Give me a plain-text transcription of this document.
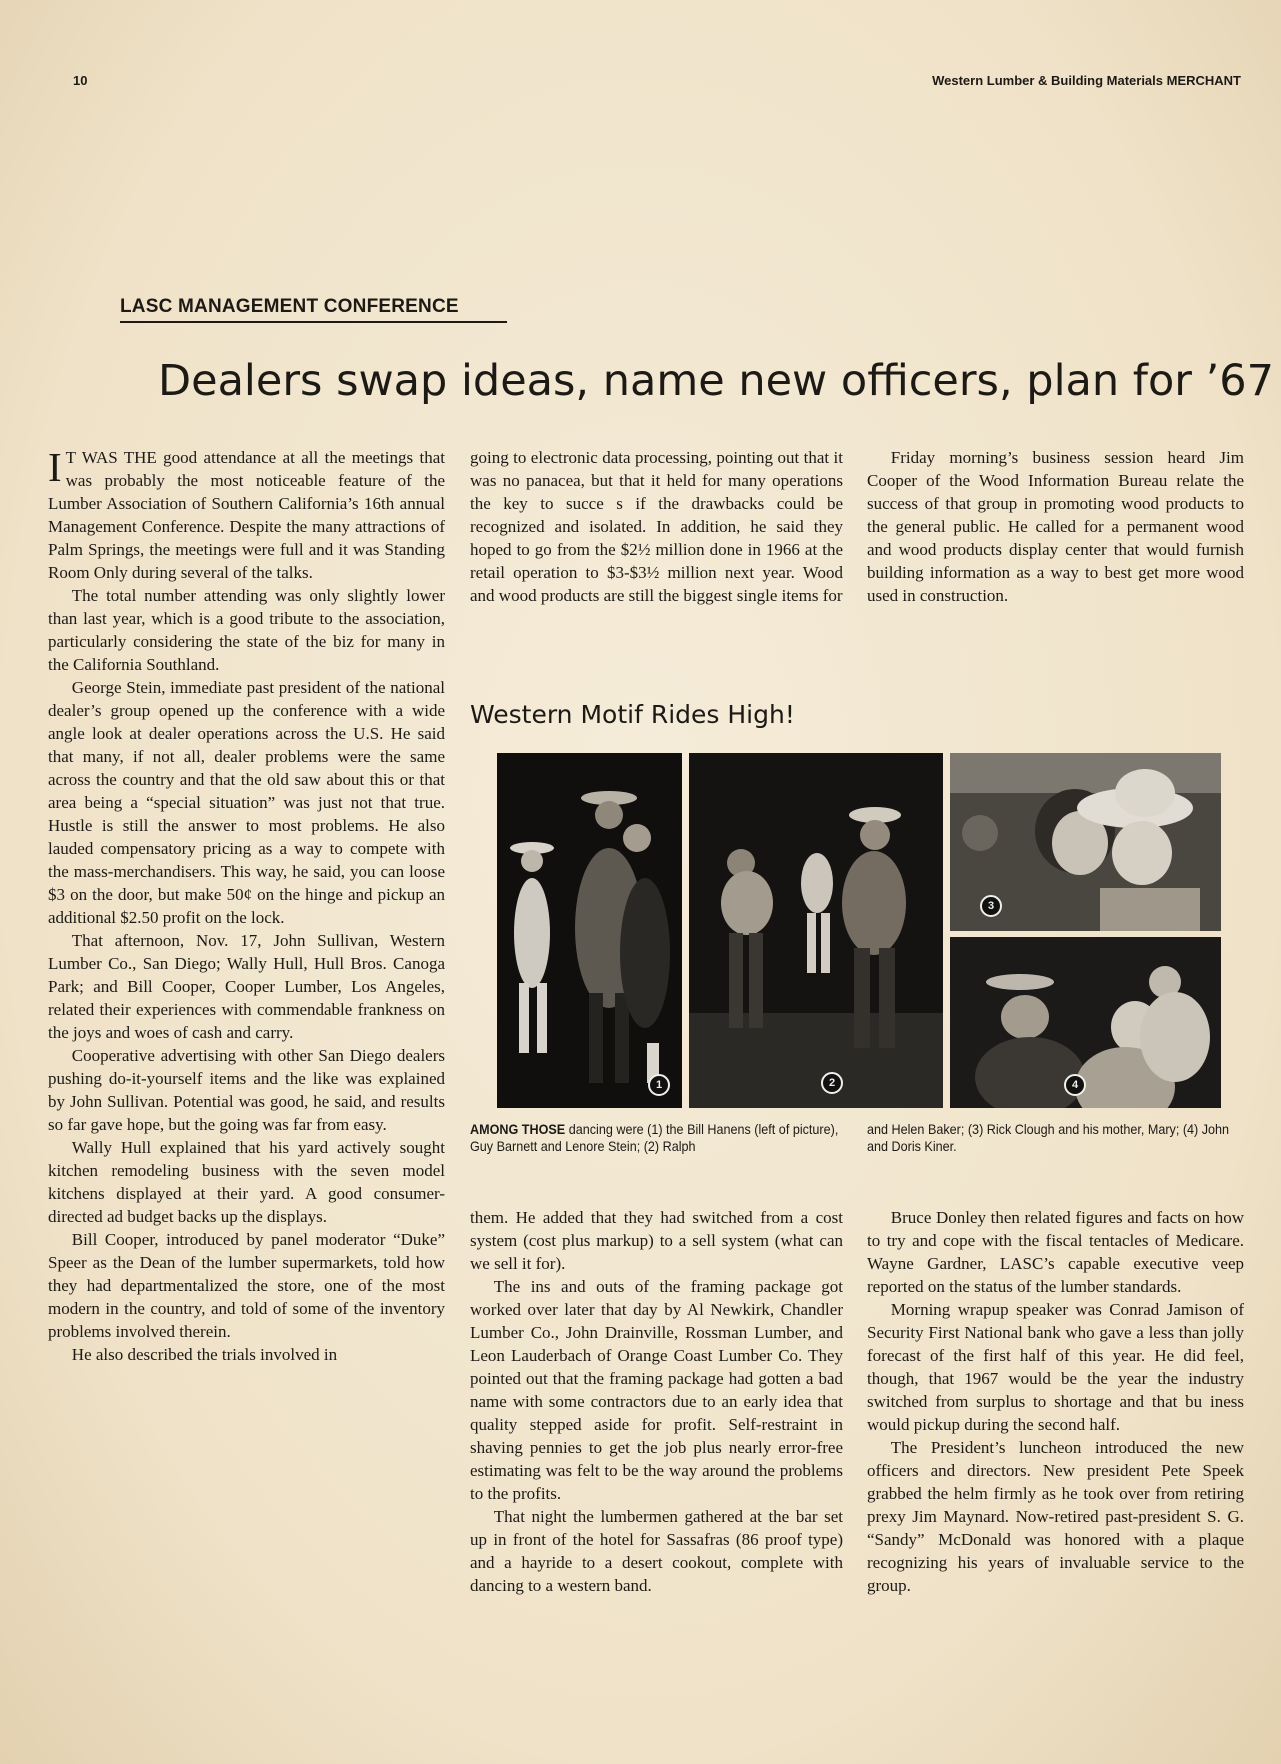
10	Western Lumber & Building Materials MERCHANT
LASC MANAGEMENT CONFERENCE
Dealers swap ideas, name new officers, plan for ’67

I T WAS THE good attendance at all the meetings that was probably the most noticeable feature of the Lumber Association of Southern California’s 16th annual Management Conference. Despite the many attractions of Palm Springs, the meetings were full and it was Standing Room Only during several of the talks.

The total number attending was only slightly lower than last year, which is a good tribute to the association, particularly considering the state of the biz for many in the California Southland.

George Stein, immediate past president of the national dealer’s group opened up the conference with a wide angle look at dealer operations across the U.S. He said that many, if not all, dealer problems were the same across the country and that the old saw about this or that area being a “special situation” was just not that true. Hustle is still the answer to most problems. He also lauded compensatory pricing as a way to compete with the mass-merchandisers. This way, he said, you can loose $3 on the door, but make 50¢ on the hinge and pickup an additional $2.50 profit on the lock.

That afternoon, Nov. 17, John Sullivan, Western Lumber Co., San Diego; Wally Hull, Hull Bros. Canoga Park; and Bill Cooper, Cooper Lumber, Los Angeles, related their experiences with commendable frankness on the joys and woes of cash and carry.

Cooperative advertising with other San Diego dealers pushing do-it-yourself items and the like was explained by John Sullivan. Potential was good, he said, and results so far gave hope, but the going was far from easy.

Wally Hull explained that his yard actively sought kitchen remodeling business with the seven model kitchens displayed at their yard. A good consumer-directed ad budget backs up the displays.

Bill Cooper, introduced by panel moderator “Duke” Speer as the Dean of the lumber supermarkets, told how they had departmentalized the store, one of the most modern in the country, and told of some of the inventory problems involved therein.

He also described the trials involved in

going to electronic data processing, pointing out that it was no panacea, but that it held for many operations the key to succe s if the drawbacks could be recognized and isolated. In addition, he said they hoped to go from the $2½ million done in 1966 at the retail operation to $3-$3½ million next year. Wood and wood products are still the biggest single items for

Friday morning’s business session heard Jim Cooper of the Wood Information Bureau relate the success of that group in promoting wood products to the general public. He called for a permanent wood and wood products display center that would furnish building information as a way to best get more wood used in construction.

Western Motif Rides High!
1	2
3
4
AMONG THOSE dancing were (1) the Bill Hanens (left of picture), Guy Barnett and Lenore Stein; (2) Ralph
and Helen Baker; (3) Rick Clough and his mother, Mary; (4) John and Doris Kiner.

them. He added that they had switched from a cost system (cost plus markup) to a sell system (what can we sell it for).

The ins and outs of the framing package got worked over later that day by Al Newkirk, Chandler Lumber Co., John Drainville, Rossman Lumber, and Leon Lauderbach of Orange Coast Lumber Co. They pointed out that the framing package had gotten a bad name with some contractors due to an early idea that quality stepped aside for profit. Self-restraint in shaving pennies to get the job plus nearly error-free estimating was felt to be the way around the problems to the profits.

That night the lumbermen gathered at the bar set up in front of the hotel for Sassafras (86 proof type) and a hayride to a desert cookout, complete with dancing to a western band.

Bruce Donley then related figures and facts on how to try and cope with the fiscal tentacles of Medicare. Wayne Gardner, LASC’s capable executive veep reported on the status of the lumber standards.

Morning wrapup speaker was Conrad Jamison of Security First National bank who gave a less than jolly forecast of the first half of this year. He did feel, though, that 1967 would be the year the industry switched from surplus to shortage and that bu iness would pickup during the second half.

The President’s luncheon introduced the new officers and directors. New president Pete Speek grabbed the helm firmly as he took over from retiring prexy Jim Maynard. Now-retired past-president S. G. “Sandy” McDonald was honored with a plaque recognizing his years of invaluable service to the group.
